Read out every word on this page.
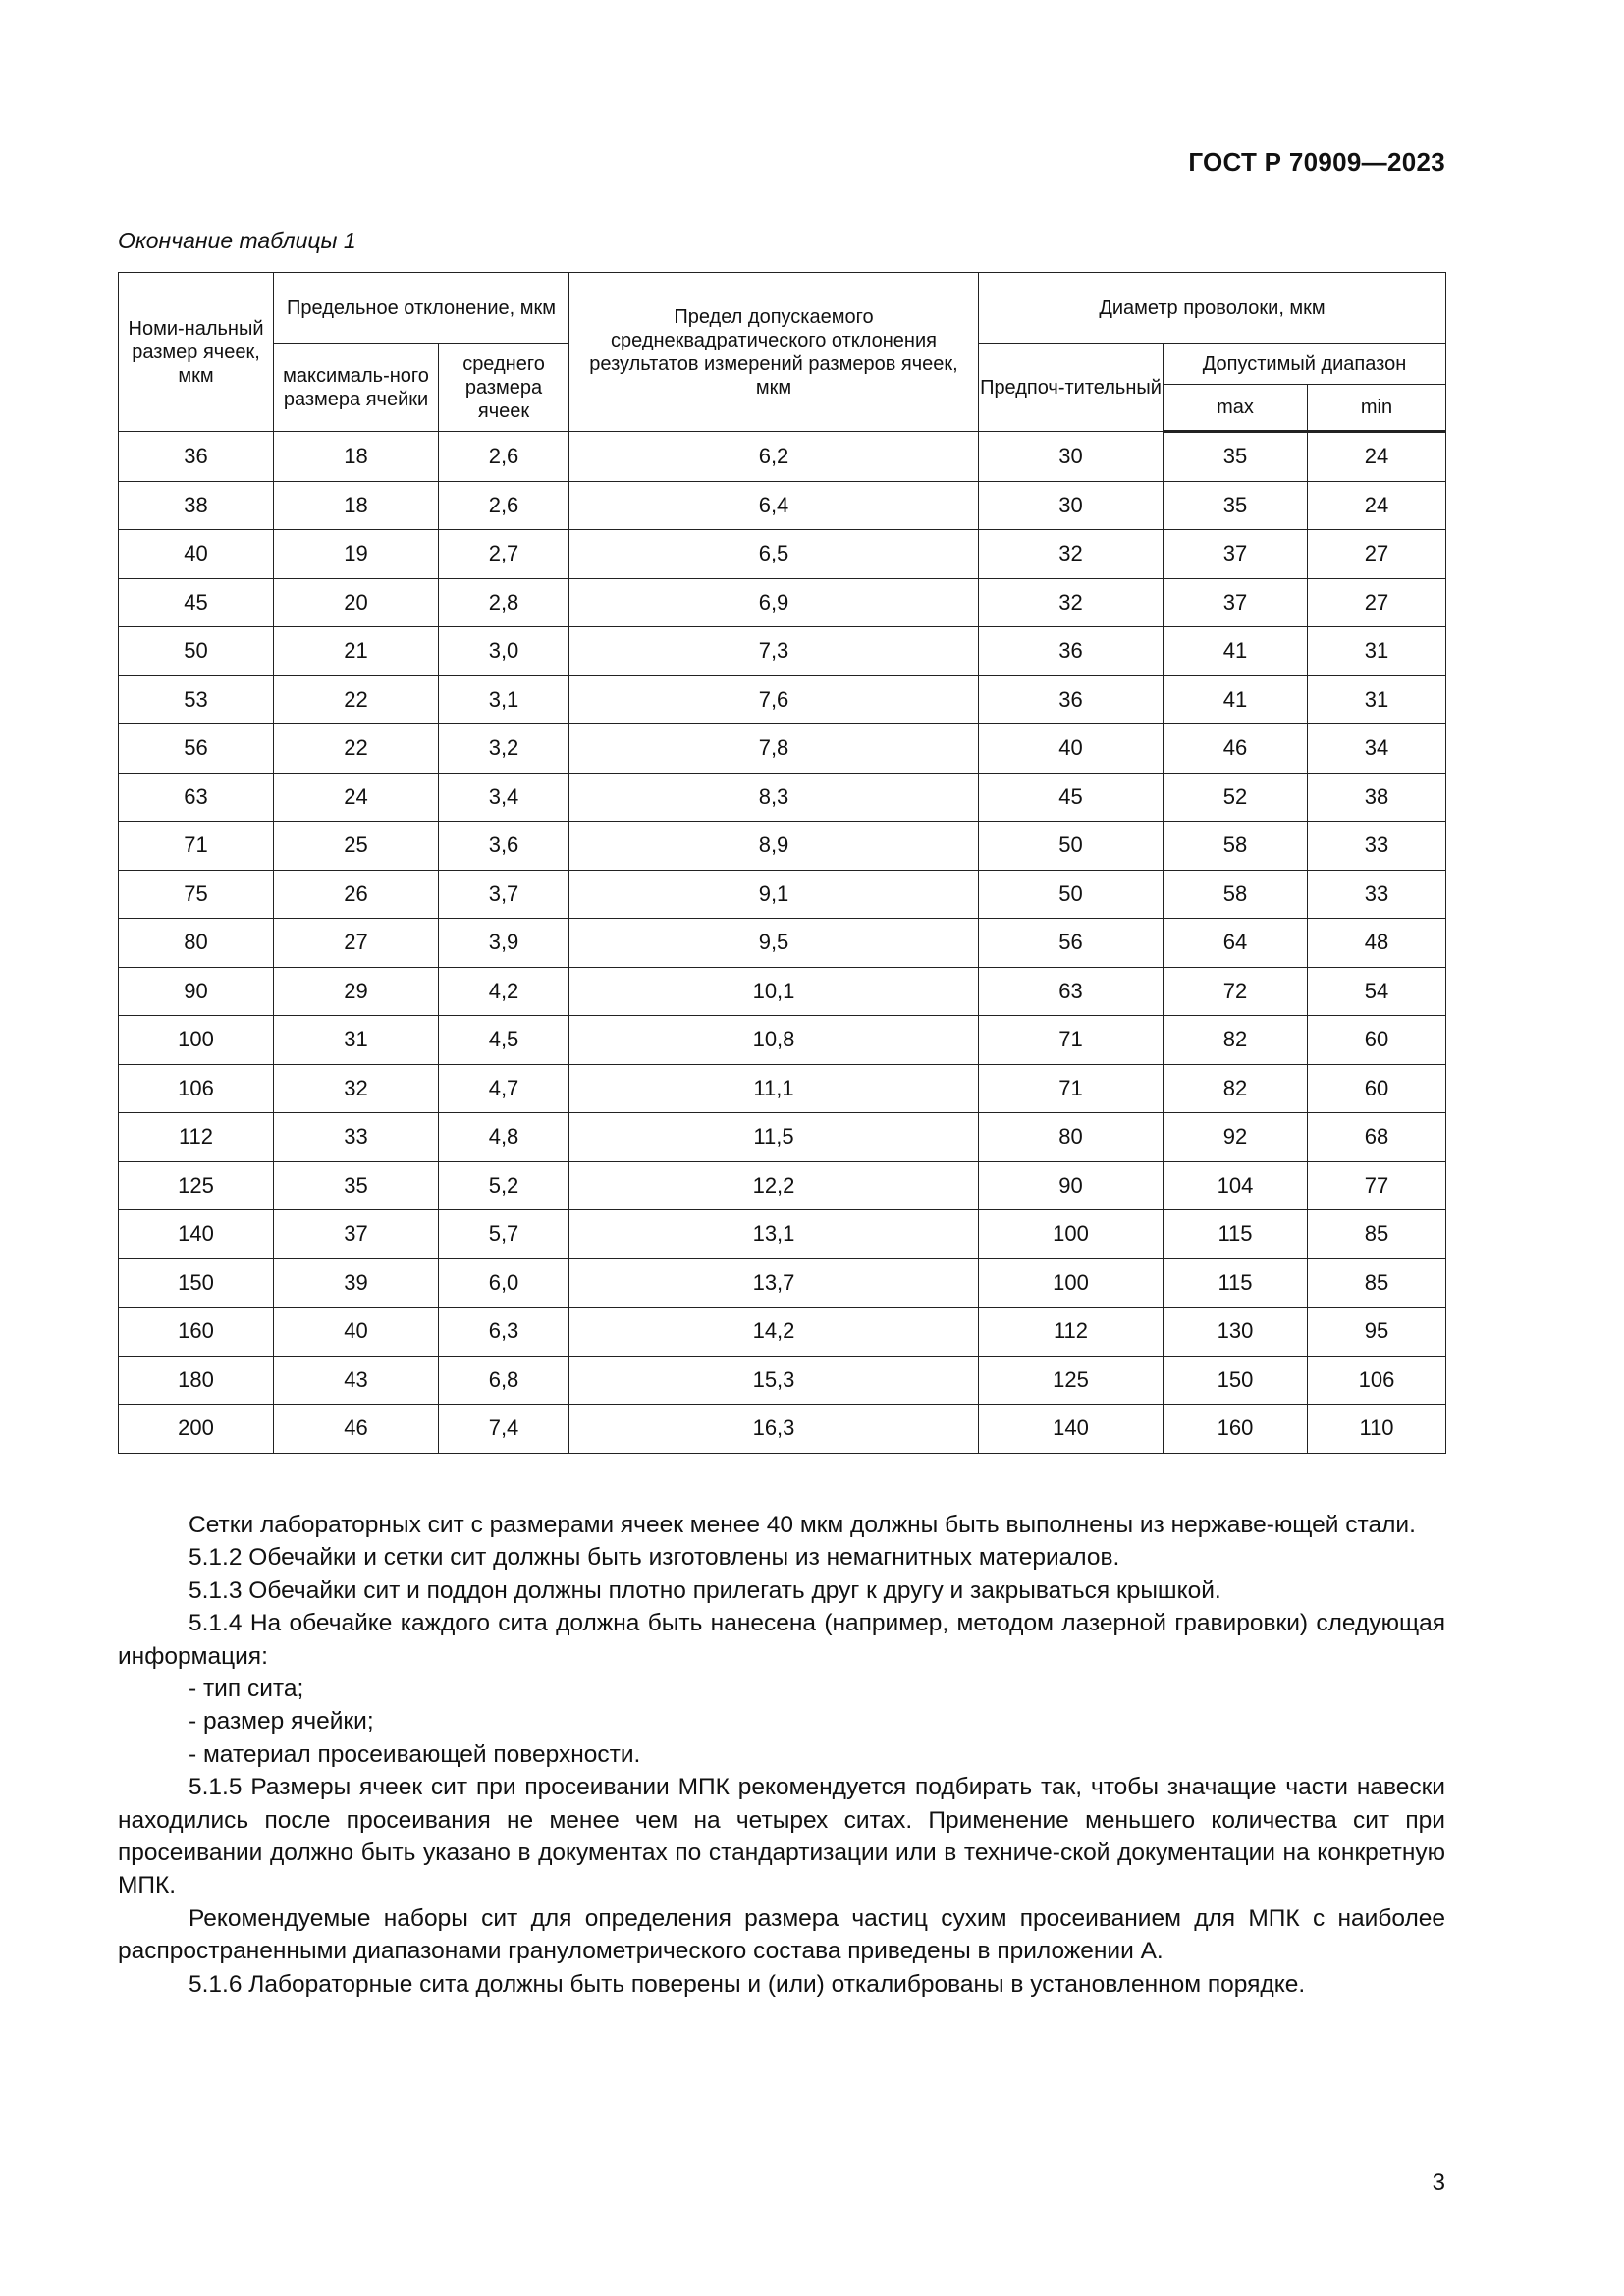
ГОСТ Р 70909—2023
Окончание таблицы 1
Номи-нальный размер ячеек, мкм	Предельное отклонение, мкм		Предел допускаемого среднеквадратического отклонения результатов измерений размеров ячеек, мкм	Диаметр проволоки, мкм		
	максималь-ного размера ячейки	среднего размера ячеек		Предпоч-тительный	Допустимый диапазон	
					max	min
36	18	2,6	6,2	30	35	24
38	18	2,6	6,4	30	35	24
40	19	2,7	6,5	32	37	27
45	20	2,8	6,9	32	37	27
50	21	3,0	7,3	36	41	31
53	22	3,1	7,6	36	41	31
56	22	3,2	7,8	40	46	34
63	24	3,4	8,3	45	52	38
71	25	3,6	8,9	50	58	33
75	26	3,7	9,1	50	58	33
80	27	3,9	9,5	56	64	48
90	29	4,2	10,1	63	72	54
100	31	4,5	10,8	71	82	60
106	32	4,7	11,1	71	82	60
112	33	4,8	11,5	80	92	68
125	35	5,2	12,2	90	104	77
140	37	5,7	13,1	100	115	85
150	39	6,0	13,7	100	115	85
160	40	6,3	14,2	112	130	95
180	43	6,8	15,3	125	150	106
200	46	7,4	16,3	140	160	110

Сетки лабораторных сит с размерами ячеек менее 40 мкм должны быть выполнены из нержаве-ющей стали.

5.1.2 Обечайки и сетки сит должны быть изготовлены из немагнитных материалов.

5.1.3 Обечайки сит и поддон должны плотно прилегать друг к другу и закрываться крышкой.

5.1.4 На обечайке каждого сита должна быть нанесена (например, методом лазерной гравировки) следующая информация:

- тип сита;

- размер ячейки;

- материал просеивающей поверхности.

5.1.5 Размеры ячеек сит при просеивании МПК рекомендуется подбирать так, чтобы значащие части навески находились после просеивания не менее чем на четырех ситах. Применение меньшего количества сит при просеивании должно быть указано в документах по стандартизации или в техниче-ской документации на конкретную МПК.

Рекомендуемые наборы сит для определения размера частиц сухим просеиванием для МПК с наиболее распространенными диапазонами гранулометрического состава приведены в приложении А.

5.1.6 Лабораторные сита должны быть поверены и (или) откалиброваны в установленном порядке.

3
